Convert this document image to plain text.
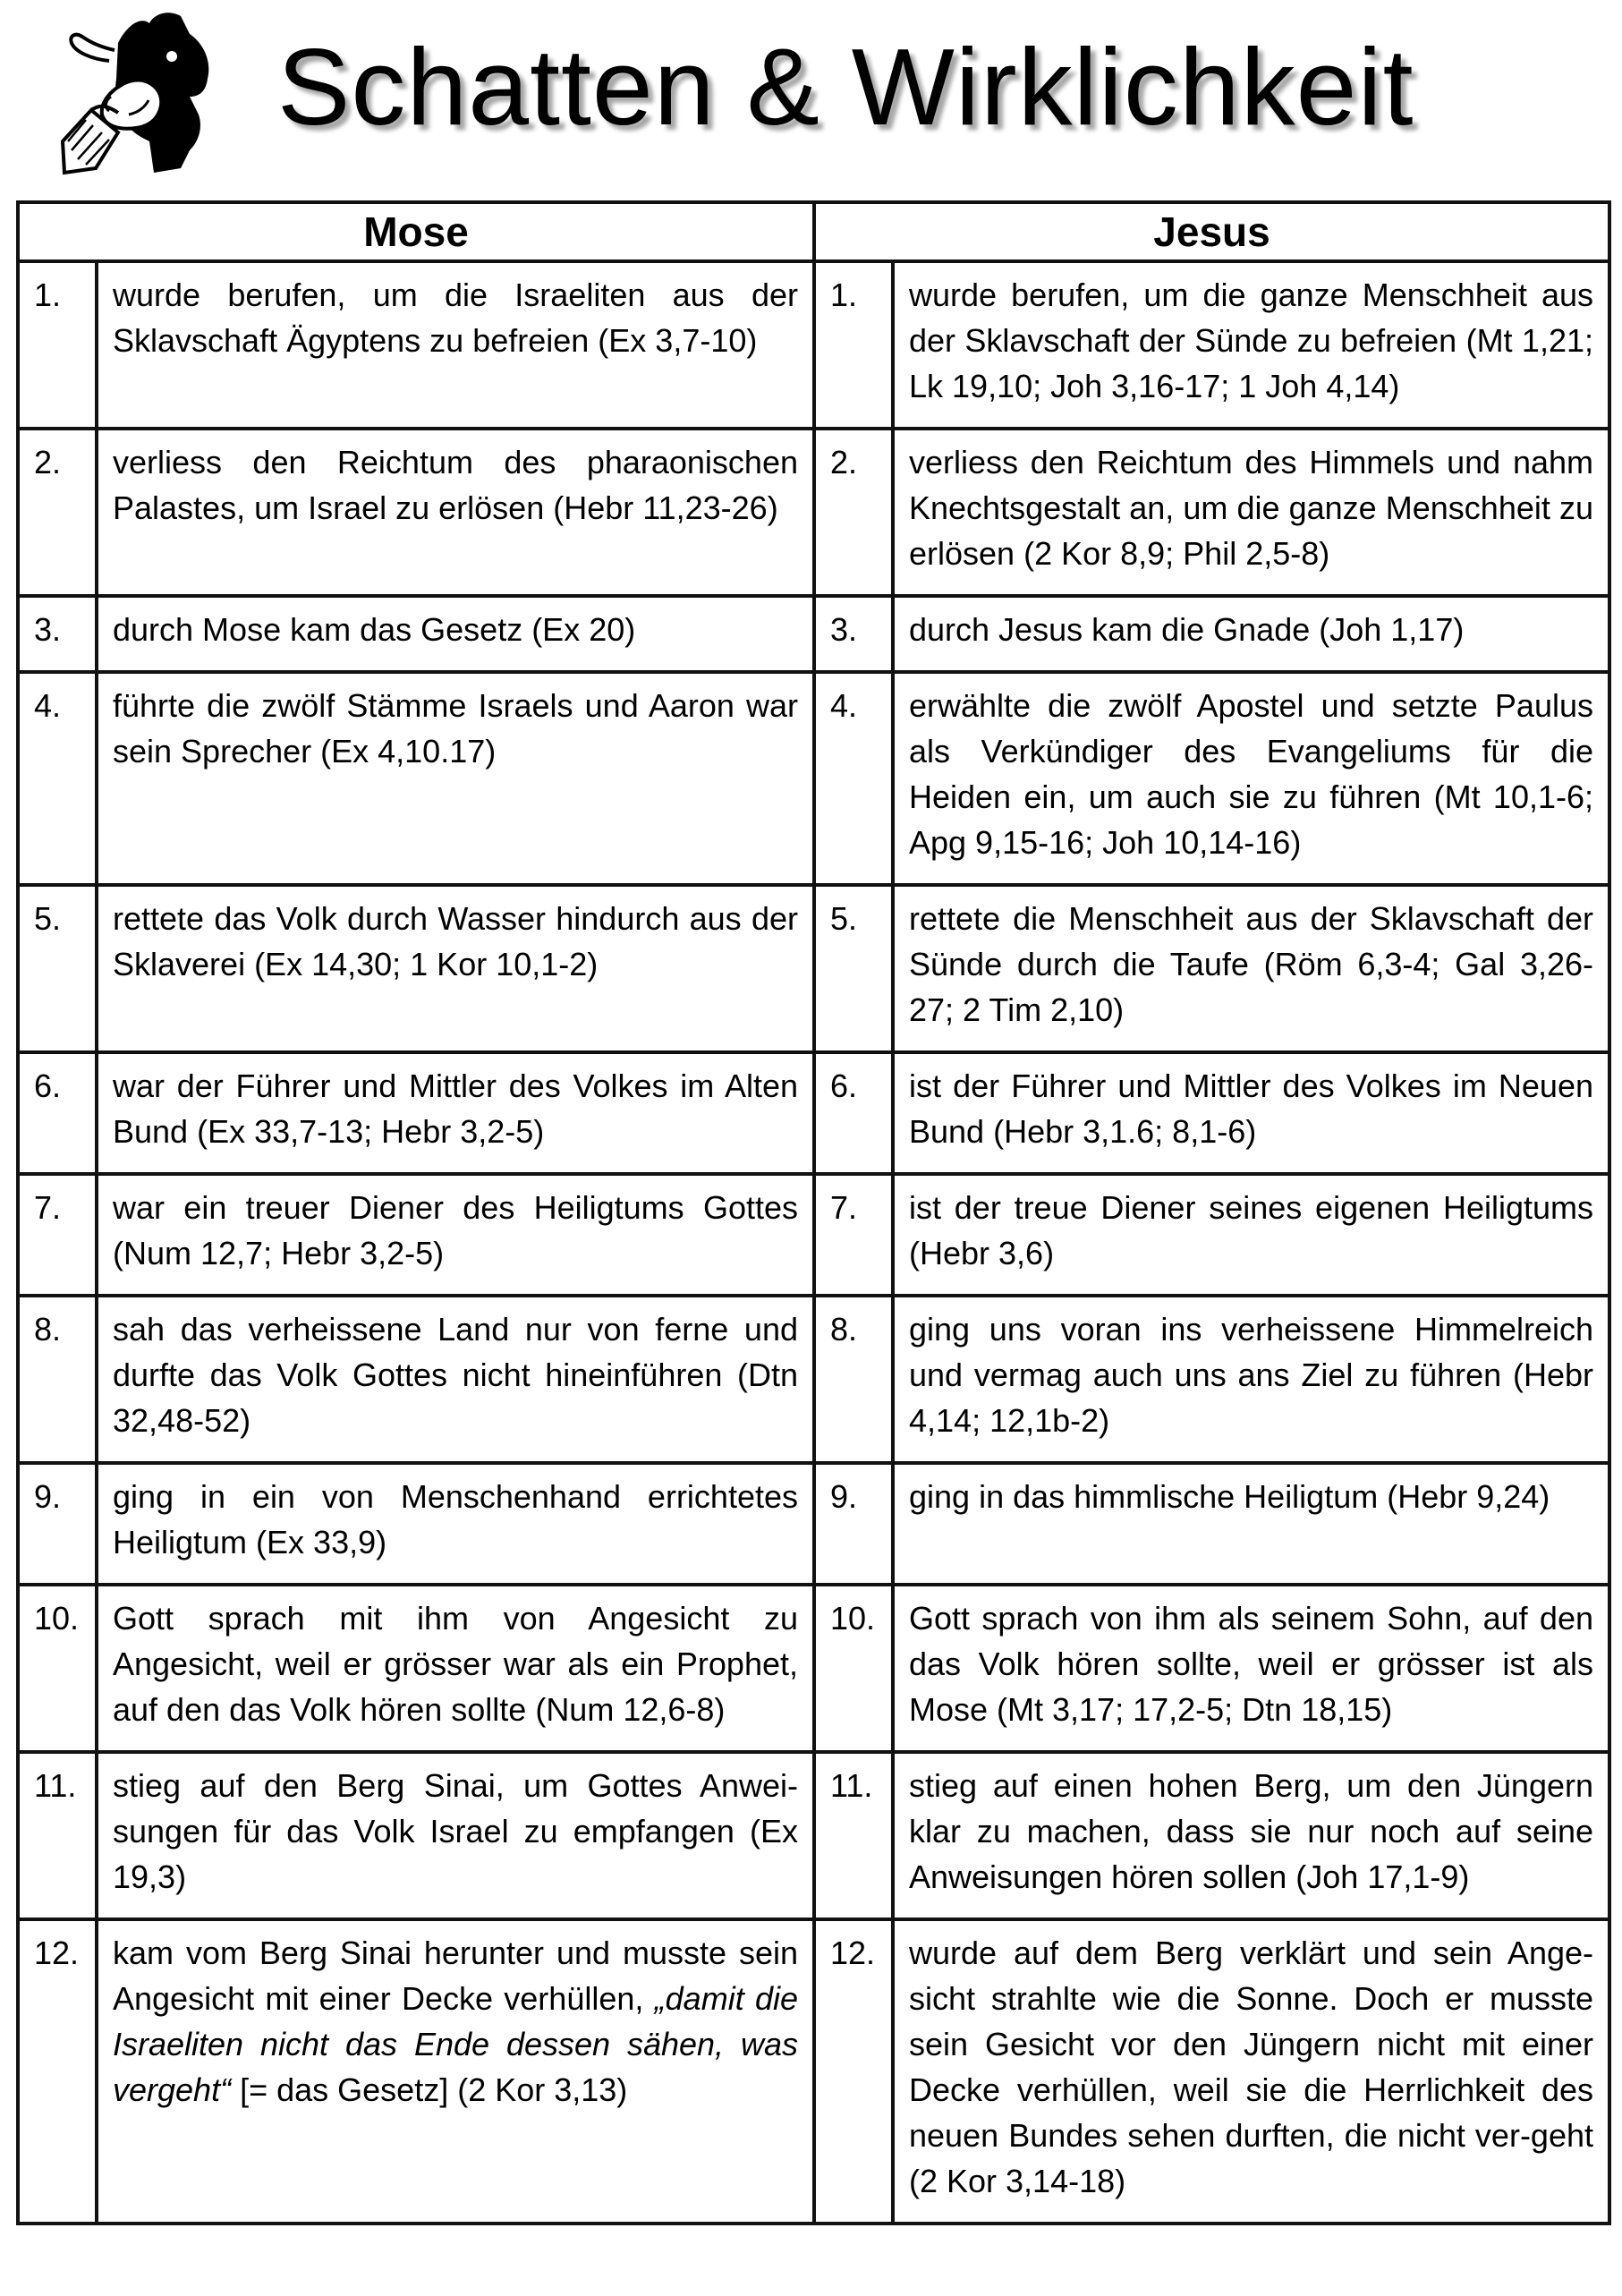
Schatten & Wirklichkeit
Mose		Jesus	
1.	wurde berufen, um die Israeliten aus der Sklavschaft Ägyptens zu befreien (Ex 3,7-10)	1.	wurde berufen, um die ganze Menschheit aus der Sklavschaft der Sünde zu befreien (Mt 1,21; Lk 19,10; Joh 3,16-17; 1 Joh 4,14)
2.	verliess den Reichtum des pharaonischen Palastes, um Israel zu erlösen (Hebr 11,23-26)	2.	verliess den Reichtum des Himmels und nahm Knechtsgestalt an, um die ganze Menschheit zu erlösen (2 Kor 8,9; Phil 2,5-8)
3.	durch Mose kam das Gesetz (Ex 20)	3.	durch Jesus kam die Gnade (Joh 1,17)
4.	führte die zwölf Stämme Israels und Aaron war sein Sprecher (Ex 4,10.17)	4.	erwählte die zwölf Apostel und setzte Paulus als Verkündiger des Evangeliums für die Heiden ein, um auch sie zu führen (Mt 10,1-6; Apg 9,15-16; Joh 10,14-16)
5.	rettete das Volk durch Wasser hindurch aus der Sklaverei (Ex 14,30; 1 Kor 10,1-2)	5.	rettete die Menschheit aus der Sklavschaft der Sünde durch die Taufe (Röm 6,3-4; Gal 3,26-27; 2 Tim 2,10)
6.	war der Führer und Mittler des Volkes im Alten Bund (Ex 33,7-13; Hebr 3,2-5)	6.	ist der Führer und Mittler des Volkes im Neuen Bund (Hebr 3,1.6; 8,1-6)
7.	war ein treuer Diener des Heiligtums Gottes (Num 12,7; Hebr 3,2-5)	7.	ist der treue Diener seines eigenen Heiligtums (Hebr 3,6)
8.	sah das verheissene Land nur von ferne und durfte das Volk Gottes nicht hineinführen (Dtn 32,48-52)	8.	ging uns voran ins verheissene Himmelreich und vermag auch uns ans Ziel zu führen (Hebr 4,14; 12,1b-2)
9.	ging in ein von Menschenhand errichtetes Heiligtum (Ex 33,9)	9.	ging in das himmlische Heiligtum (Hebr 9,24)
10.	Gott sprach mit ihm von Angesicht zu Angesicht, weil er grösser war als ein Prophet, auf den das Volk hören sollte (Num 12,6-8)	10.	Gott sprach von ihm als seinem Sohn, auf den das Volk hören sollte, weil er grösser ist als Mose (Mt 3,17; 17,2-5; Dtn 18,15)
11.	stieg auf den Berg Sinai, um Gottes Anwei-sungen für das Volk Israel zu empfangen (Ex 19,3)	11.	stieg auf einen hohen Berg, um den Jüngern klar zu machen, dass sie nur noch auf seine Anweisungen hören sollen (Joh 17,1-9)
12.	kam vom Berg Sinai herunter und musste sein Angesicht mit einer Decke verhüllen, „damit die Israeliten nicht das Ende dessen sähen, was vergeht“ [= das Gesetz] (2 Kor 3,13)	12.	wurde auf dem Berg verklärt und sein Ange-sicht strahlte wie die Sonne. Doch er musste sein Gesicht vor den Jüngern nicht mit einer Decke verhüllen, weil sie die Herrlichkeit des neuen Bundes sehen durften, die nicht ver-geht (2 Kor 3,14-18)
